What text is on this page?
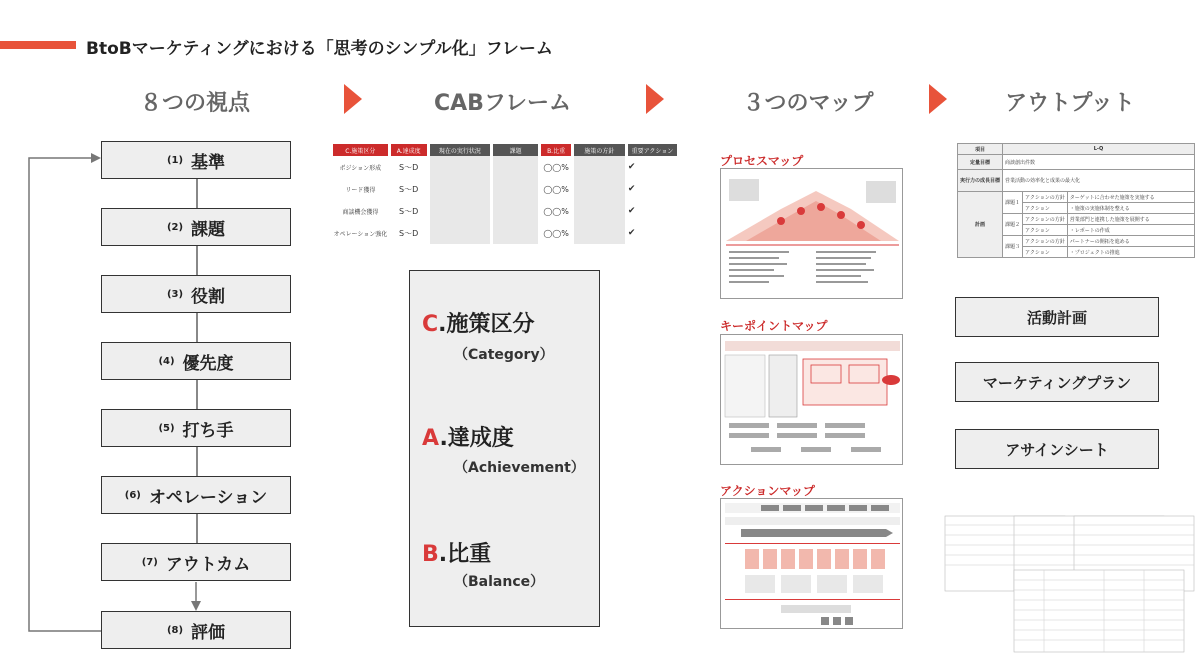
BtoBマーケティングにおける「思考のシンプル化」フレーム
８つの視点	CABフレーム	３つのマップ	アウトプット
(1) 基準
(2) 課題
(3) 役割
(4) 優先度
(5) 打ち手
(6) オペレーション
(7) アウトカム
(8) 評価
C.施策区分	A.達成度	現在の実行状況	課題	B.比重	施策の方針	重要アクション
ポジション形成	S～D			◯◯%		✔
リード獲得	S～D			◯◯%		✔
商談機会獲得	S～D			◯◯%		✔
オペレーション強化	S～D			◯◯%		✔
C.施策区分
（Category）
A.達成度
（Achievement）
B.比重
（Balance）
プロセスマップ
キーポイントマップ
アクションマップ
項目	L-Q		
定量目標	商談創出件数		
実行力の成長目標	営業活動の効率化と成果の最大化		
計画	課題１	アクションの方針	ターゲットに合わせた施策を実施する
		アクション	・施策の実施体制を整える
	課題２	アクションの方針	営業部門と連携した施策を展開する
		アクション	・レポートの作成
	課題３	アクションの方針	パートナーの開拓を進める
		アクション	・プロジェクトの推進
活動計画
マーケティングプラン
アサインシート
